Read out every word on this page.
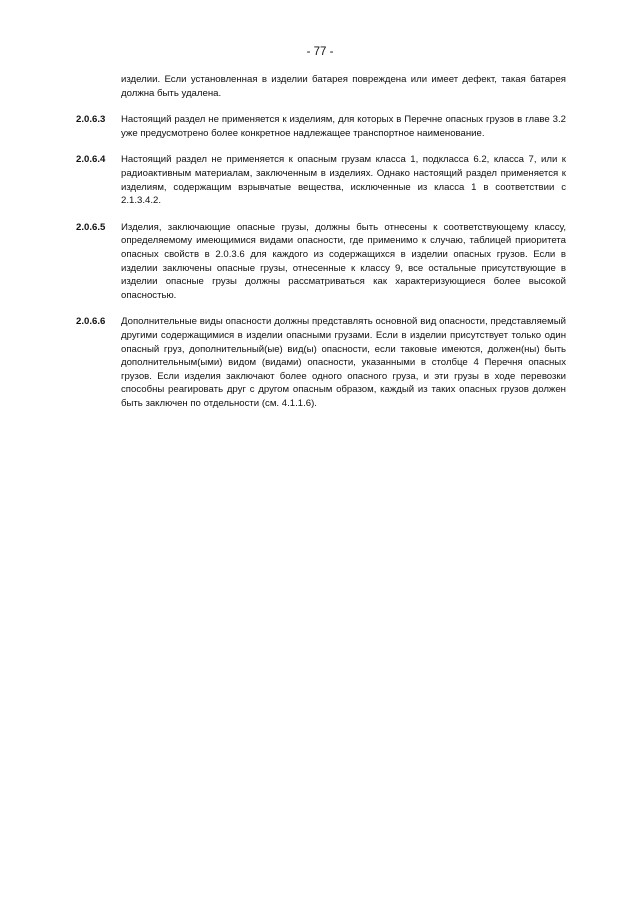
- 77 -

изделии. Если установленная в изделии батарея повреждена или имеет дефект, такая батарея должна быть удалена.

2.0.6.3	Настоящий раздел не применяется к изделиям, для которых в Перечне опасных грузов в главе 3.2 уже предусмотрено более конкретное надлежащее транспортное наименование.

2.0.6.4	Настоящий раздел не применяется к опасным грузам класса 1, подкласса 6.2, класса 7, или к радиоактивным материалам, заключенным в изделиях. Однако настоящий раздел применяется к изделиям, содержащим взрывчатые вещества, исключенные из класса 1 в соответствии с 2.1.3.4.2.

2.0.6.5	Изделия, заключающие опасные грузы, должны быть отнесены к соответствующему классу, определяемому имеющимися видами опасности, где применимо к случаю, таблицей приоритета опасных свойств в 2.0.3.6 для каждого из содержащихся в изделии опасных грузов. Если в изделии заключены опасные грузы, отнесенные к классу 9, все остальные присутствующие в изделии опасные грузы должны рассматриваться как характеризующиеся более высокой опасностью.

2.0.6.6	Дополнительные виды опасности должны представлять основной вид опасности, представляемый другими содержащимися в изделии опасными грузами. Если в изделии присутствует только один опасный груз, дополнительный(ые) вид(ы) опасности, если таковые имеются, должен(ны) быть дополнительным(ыми) видом (видами) опасности, указанными в столбце 4 Перечня опасных грузов. Если изделия заключают более одного опасного груза, и эти грузы в ходе перевозки способны реагировать друг с другом опасным образом, каждый из таких опасных грузов должен быть заключен по отдельности (см. 4.1.1.6).
